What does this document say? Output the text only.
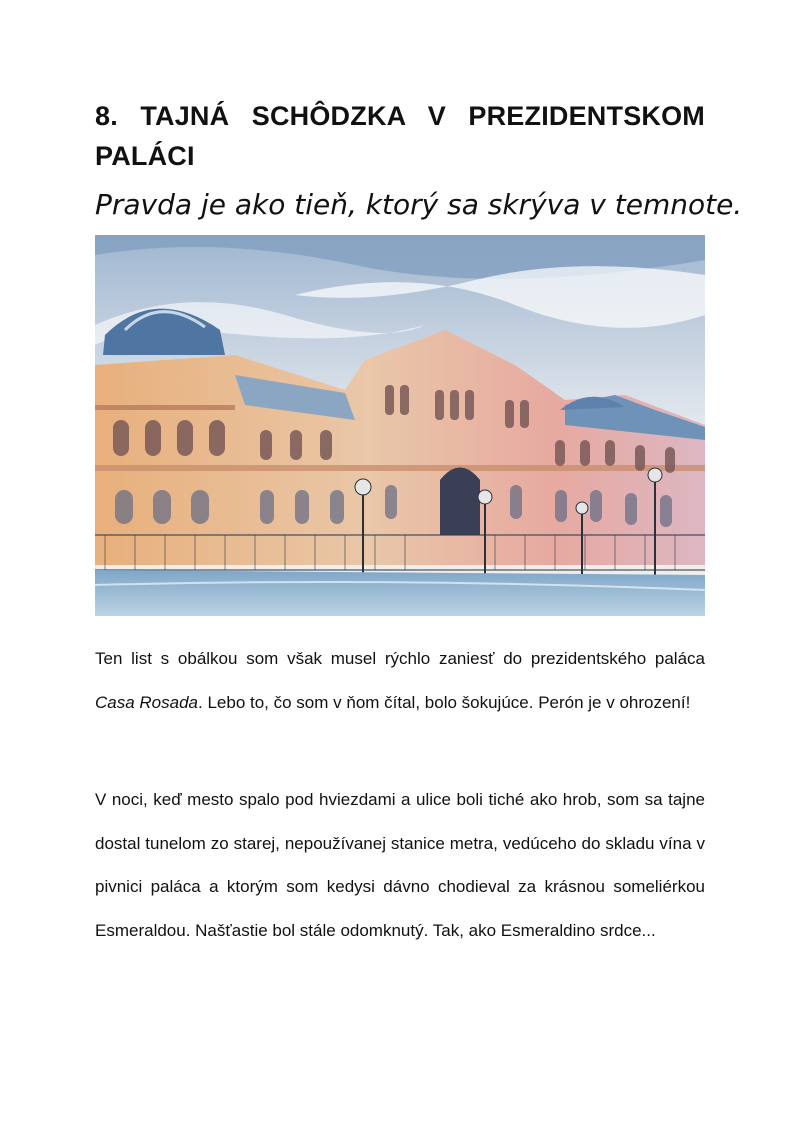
8. TAJNÁ SCHÔDZKA V PREZIDENTSKOM PALÁCI

Pravda je ako tieň, ktorý sa skrýva v temnote.

Ten list s obálkou som však musel rýchlo zaniesť do prezidentského paláca Casa Rosada. Lebo to, čo som v ňom čítal, bolo šokujúce. Perón je v ohrození!

V noci, keď mesto spalo pod hviezdami a ulice boli tiché ako hrob, som sa tajne dostal tunelom zo starej, nepoužívanej stanice metra, vedúceho do skladu vína v pivnici paláca a ktorým som kedysi dávno chodieval za krásnou someliérkou Esmeraldou. Našťastie bol stále odomknutý. Tak, ako Esmeraldino srdce...
